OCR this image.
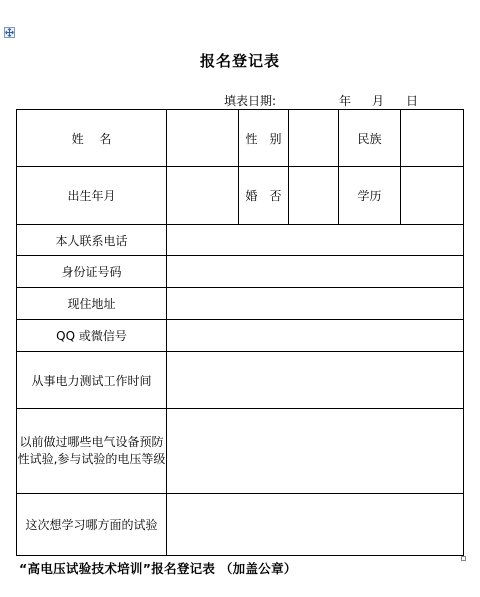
报名登记表
填表日期:	年 月 日
姓　 名		性　别		民族	
出生年月		婚　否		学历	
本人联系电话					
身份证号码					
现住地址					
QQ 或微信号					
从事电力测试工作时间					
以前做过哪些电气设备预防性试验,参与试验的电压等级					
这次想学习哪方面的试验					
“高电压试验技术培训”报名登记表 （加盖公章）
